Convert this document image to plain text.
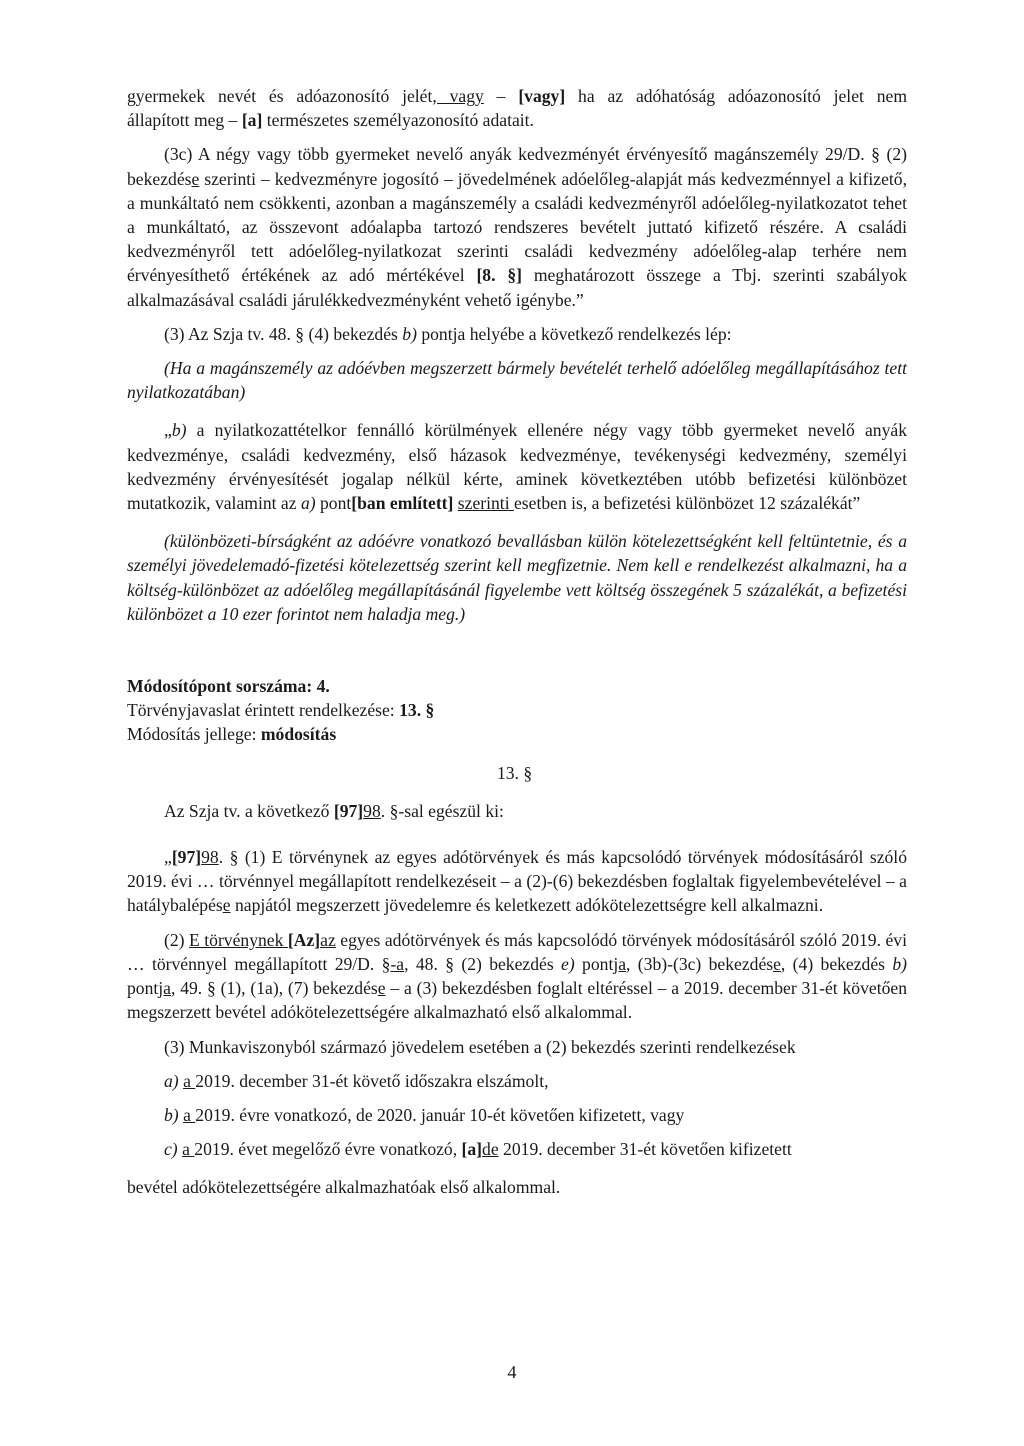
gyermekek nevét és adóazonosító jelét, vagy – [vagy] ha az adóhatóság adóazonosító jelet nem

állapított meg – [a] természetes személyazonosító adatait.

(3c) A négy vagy több gyermeket nevelő anyák kedvezményét érvényesítő magánszemély 29/D. § (2) bekezdése szerinti – kedvezményre jogosító – jövedelmének adóelőleg-alapját más kedvezménnyel a kifizető, a munkáltató nem csökkenti, azonban a magánszemély a családi kedvezményről adóelőleg-nyilatkozatot tehet a munkáltató, az összevont adóalapba tartozó rendszeres bevételt juttató kifizető részére. A családi kedvezményről tett adóelőleg-nyilatkozat szerinti családi kedvezmény adóelőleg-alap terhére nem érvényesíthető értékének az adó mértékével [8. §] meghatározott összege a Tbj. szerinti szabályok alkalmazásával családi járulékkedvezményként vehető igénybe.”

(3) Az Szja tv. 48. § (4) bekezdés b) pontja helyébe a következő rendelkezés lép:

(Ha a magánszemély az adóévben megszerzett bármely bevételét terhelő adóelőleg megállapításához tett nyilatkozatában)

„b) a nyilatkozattételkor fennálló körülmények ellenére négy vagy több gyermeket nevelő anyák kedvezménye, családi kedvezmény, első házasok kedvezménye, tevékenységi kedvezmény, személyi kedvezmény érvényesítését jogalap nélkül kérte, aminek következtében utóbb befizetési különbözet mutatkozik, valamint az a) pont[ban említett] szerinti esetben is, a befizetési különbözet 12 százalékát”

(különbözeti-bírságként az adóévre vonatkozó bevallásban külön kötelezettségként kell feltüntetnie, és a személyi jövedelemadó-fizetési kötelezettség szerint kell megfizetnie. Nem kell e rendelkezést alkalmazni, ha a költség-különbözet az adóelőleg megállapításánál figyelembe vett költség összegének 5 százalékát, a befizetési különbözet a 10 ezer forintot nem haladja meg.)

Módosítópont sorszáma: 4.

Törvényjavaslat érintett rendelkezése: 13. §

Módosítás jellege: módosítás

13. §

Az Szja tv. a következő [97]98. §-sal egészül ki:

„[97]98. § (1) E törvénynek az egyes adótörvények és más kapcsolódó törvények módosításáról szóló 2019. évi … törvénnyel megállapított rendelkezéseit – a (2)-(6) bekezdésben foglaltak figyelembevételével – a hatálybalépése napjától megszerzett jövedelemre és keletkezett adókötelezettségre kell alkalmazni.

(2) E törvénynek [Az]az egyes adótörvények és más kapcsolódó törvények módosításáról szóló 2019. évi … törvénnyel megállapított 29/D. §-a, 48. § (2) bekezdés e) pontja, (3b)-(3c) bekezdése, (4) bekezdés b) pontja, 49. § (1), (1a), (7) bekezdése – a (3) bekezdésben foglalt eltéréssel – a 2019. december 31-ét követően megszerzett bevétel adókötelezettségére alkalmazható első alkalommal.

(3) Munkaviszonyból származó jövedelem esetében a (2) bekezdés szerinti rendelkezések

a) a 2019. december 31-ét követő időszakra elszámolt,

b) a 2019. évre vonatkozó, de 2020. január 10-ét követően kifizetett, vagy

c) a 2019. évet megelőző évre vonatkozó, [a]de 2019. december 31-ét követően kifizetett

bevétel adókötelezettségére alkalmazhatóak első alkalommal.

4
